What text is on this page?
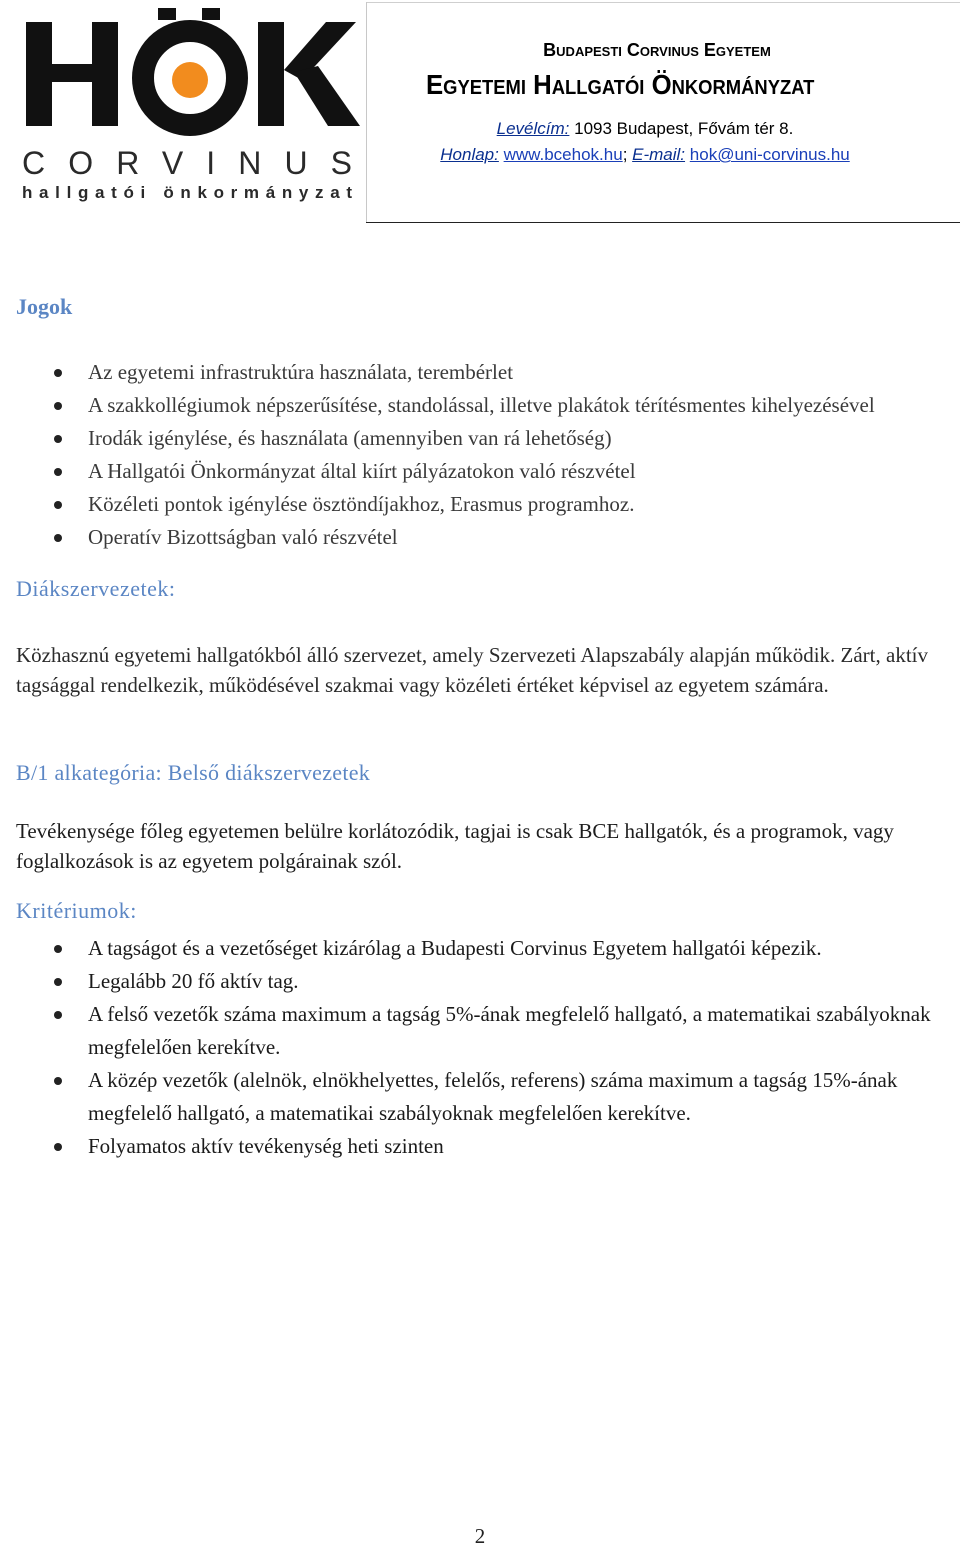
CORVINUS
hallgatói önkormányzat
Budapesti Corvinus Egyetem
Egyetemi Hallgatói Önkormányzat
Levélcím: 1093 Budapest, Fővám tér 8.
Honlap: www.bcehok.hu; E-mail: hok@uni-corvinus.hu
Jogok
Az egyetemi infrastruktúra használata, terembérlet
A szakkollégiumok népszerűsítése, standolással, illetve plakátok térítésmentes kihelyezésével
Irodák igénylése, és használata (amennyiben van rá lehetőség)
A Hallgatói Önkormányzat által kiírt pályázatokon való részvétel
Közéleti pontok igénylése ösztöndíjakhoz, Erasmus programhoz.
Operatív Bizottságban való részvétel
Diákszervezetek:

Közhasznú egyetemi hallgatókból álló szervezet, amely Szervezeti Alapszabály alapján működik. Zárt, aktív tagsággal rendelkezik, működésével szakmai vagy közéleti értéket képvisel az egyetem számára.

B/1 alkategória: Belső diákszervezetek

Tevékenysége főleg egyetemen belülre korlátozódik, tagjai is csak BCE hallgatók, és a programok, vagy foglalkozások is az egyetem polgárainak szól.

Kritériumok:
A tagságot és a vezetőséget kizárólag a Budapesti Corvinus Egyetem hallgatói képezik.
Legalább 20 fő aktív tag.
A felső vezetők száma maximum a tagság 5%-ának megfelelő hallgató, a matematikai szabályoknak megfelelően kerekítve.
A közép vezetők (alelnök, elnökhelyettes, felelős, referens) száma maximum a tagság 15%-ának megfelelő hallgató, a matematikai szabályoknak megfelelően kerekítve.
Folyamatos aktív tevékenység heti szinten
2
